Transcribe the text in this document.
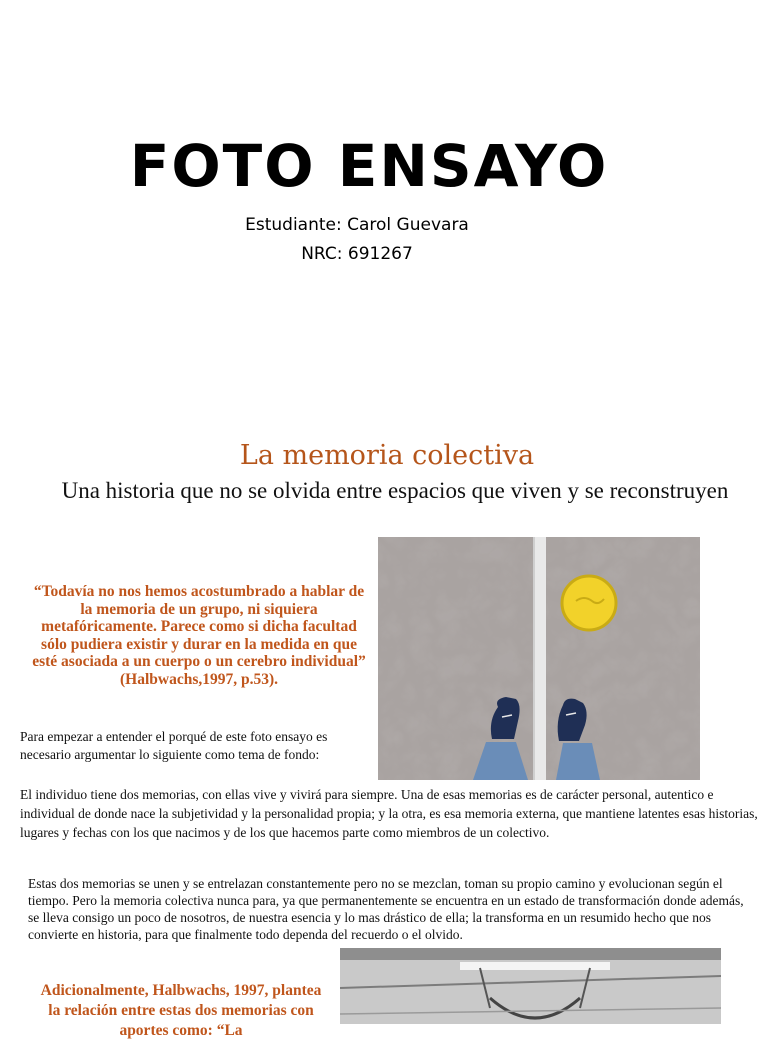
FOTO ENSAYO
Estudiante: Carol Guevara
NRC: 691267
La memoria colectiva
Una historia que no se olvida entre espacios que viven y se reconstruyen
“Todavía no nos hemos acostumbrado a hablar de la memoria de un grupo, ni siquiera metafóricamente. Parece como si dicha facultad sólo pudiera existir y durar en la medida en que esté asociada a un cuerpo o un cerebro individual” (Halbwachs,1997, p.53).
Para empezar a entender el porqué de este foto ensayo es necesario argumentar lo siguiente como tema de fondo:
El individuo tiene dos memorias, con ellas vive y vivirá para siempre. Una de esas memorias es de carácter personal, autentico e individual de donde nace la subjetividad y la personalidad propia; y la otra, es esa memoria externa, que mantiene latentes esas historias, lugares y fechas con los que nacimos y de los que hacemos parte como miembros de un colectivo.
Estas dos memorias se unen y se entrelazan constantemente pero no se mezclan, toman su propio camino y evolucionan según el tiempo. Pero la memoria colectiva nunca para, ya que permanentemente se encuentra en un estado de transformación donde además, se lleva consigo un poco de nosotros, de nuestra esencia y lo mas drástico de ella; la transforma en un resumido hecho que nos convierte en historia, para que finalmente todo dependa del recuerdo o el olvido.
Adicionalmente, Halbwachs, 1997, plantea la relación entre estas dos memorias con aportes como: “La
